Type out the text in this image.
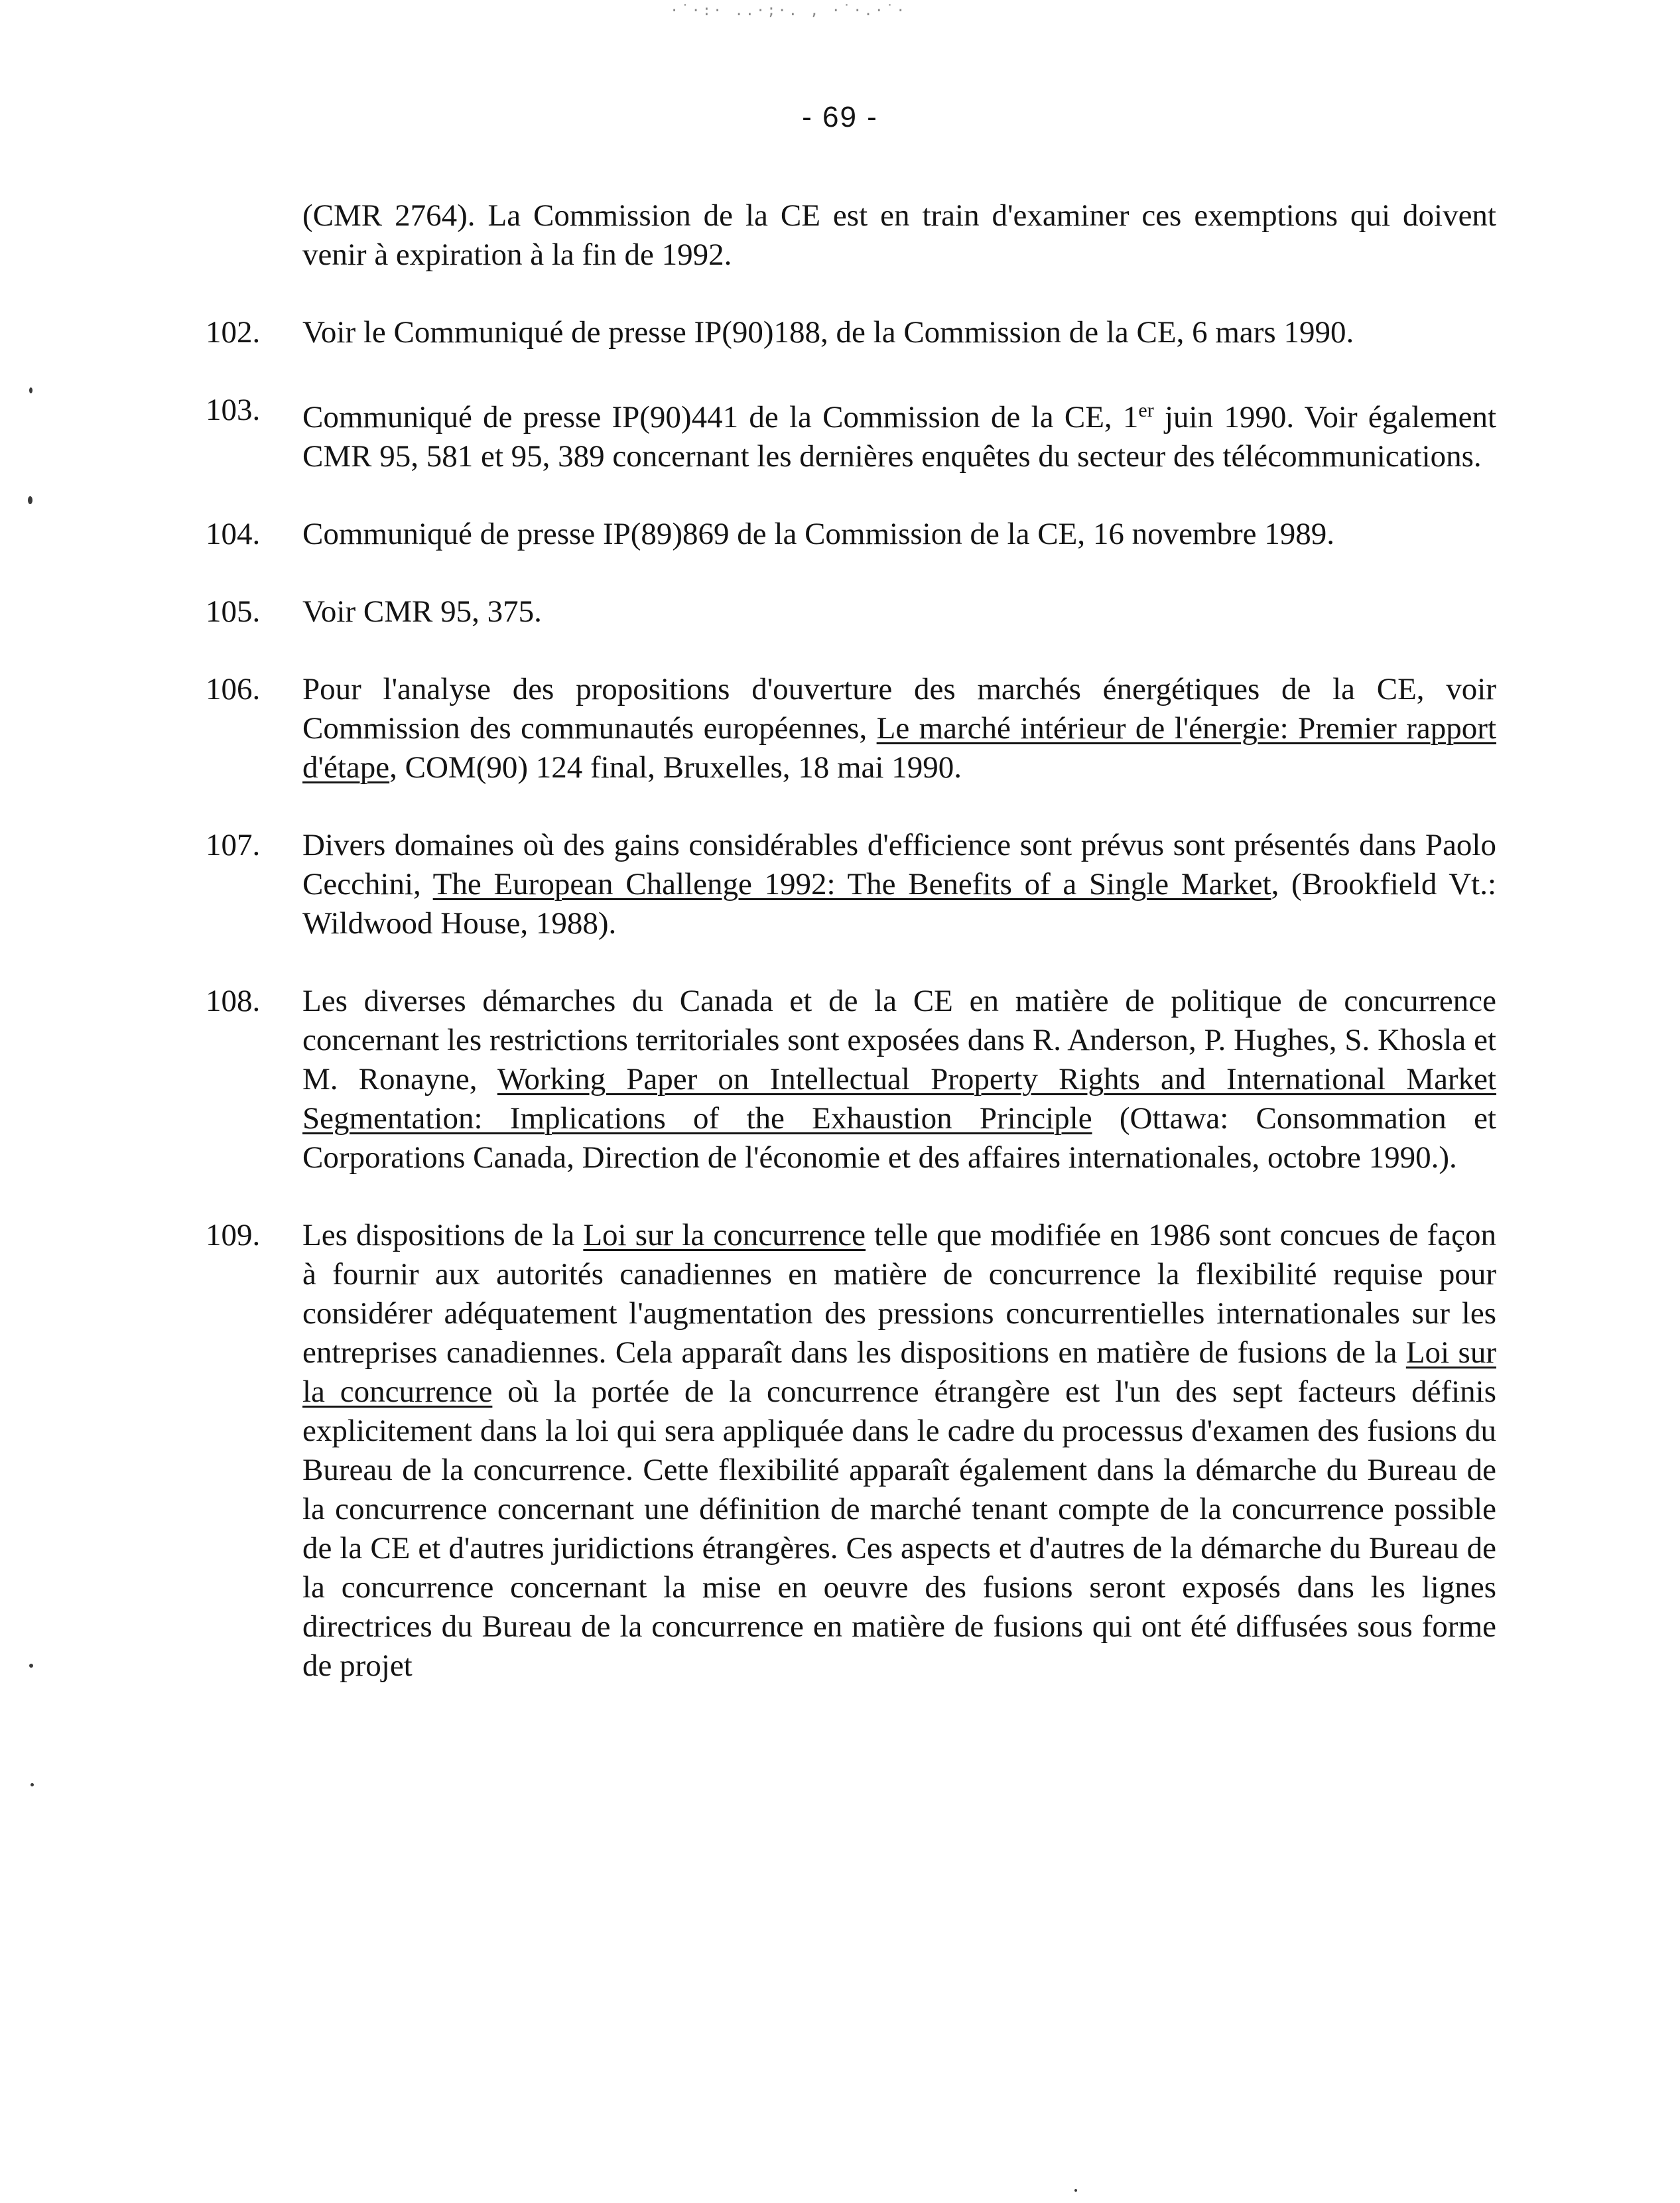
·˙·:· ..·;·. , ·˙·.·˙·
- 69 -
(CMR 2764). La Commission de la CE est en train d'examiner ces exemptions qui doivent venir à expiration à la fin de 1992.
102. Voir le Communiqué de presse IP(90)188, de la Commission de la CE, 6 mars 1990.
103. Communiqué de presse IP(90)441 de la Commission de la CE, 1er juin 1990. Voir également CMR 95, 581 et 95, 389 concernant les dernières enquêtes du secteur des télécommunications.
104. Communiqué de presse IP(89)869 de la Commission de la CE, 16 novembre 1989.
105. Voir CMR 95, 375.
106. Pour l'analyse des propositions d'ouverture des marchés énergétiques de la CE, voir Commission des communautés européennes, Le marché intérieur de l'énergie: Premier rapport d'étape, COM(90) 124 final, Bruxelles, 18 mai 1990.
107. Divers domaines où des gains considérables d'efficience sont prévus sont présentés dans Paolo Cecchini, The European Challenge 1992: The Benefits of a Single Market, (Brookfield Vt.: Wildwood House, 1988).
108. Les diverses démarches du Canada et de la CE en matière de politique de concurrence concernant les restrictions territoriales sont exposées dans R. Anderson, P. Hughes, S. Khosla et M. Ronayne, Working Paper on Intellectual Property Rights and International Market Segmentation: Implications of the Exhaustion Principle (Ottawa: Consommation et Corporations Canada, Direction de l'économie et des affaires internationales, octobre 1990.).
109. Les dispositions de la Loi sur la concurrence telle que modifiée en 1986 sont concues de façon à fournir aux autorités canadiennes en matière de concurrence la flexibilité requise pour considérer adéquatement l'augmentation des pressions concurrentielles internationales sur les entreprises canadiennes. Cela apparaît dans les dispositions en matière de fusions de la Loi sur la concurrence où la portée de la concurrence étrangère est l'un des sept facteurs définis explicitement dans la loi qui sera appliquée dans le cadre du processus d'examen des fusions du Bureau de la concurrence. Cette flexibilité apparaît également dans la démarche du Bureau de la concurrence concernant une définition de marché tenant compte de la concurrence possible de la CE et d'autres juridictions étrangères. Ces aspects et d'autres de la démarche du Bureau de la concurrence concernant la mise en oeuvre des fusions seront exposés dans les lignes directrices du Bureau de la concurrence en matière de fusions qui ont été diffusées sous forme de projet
